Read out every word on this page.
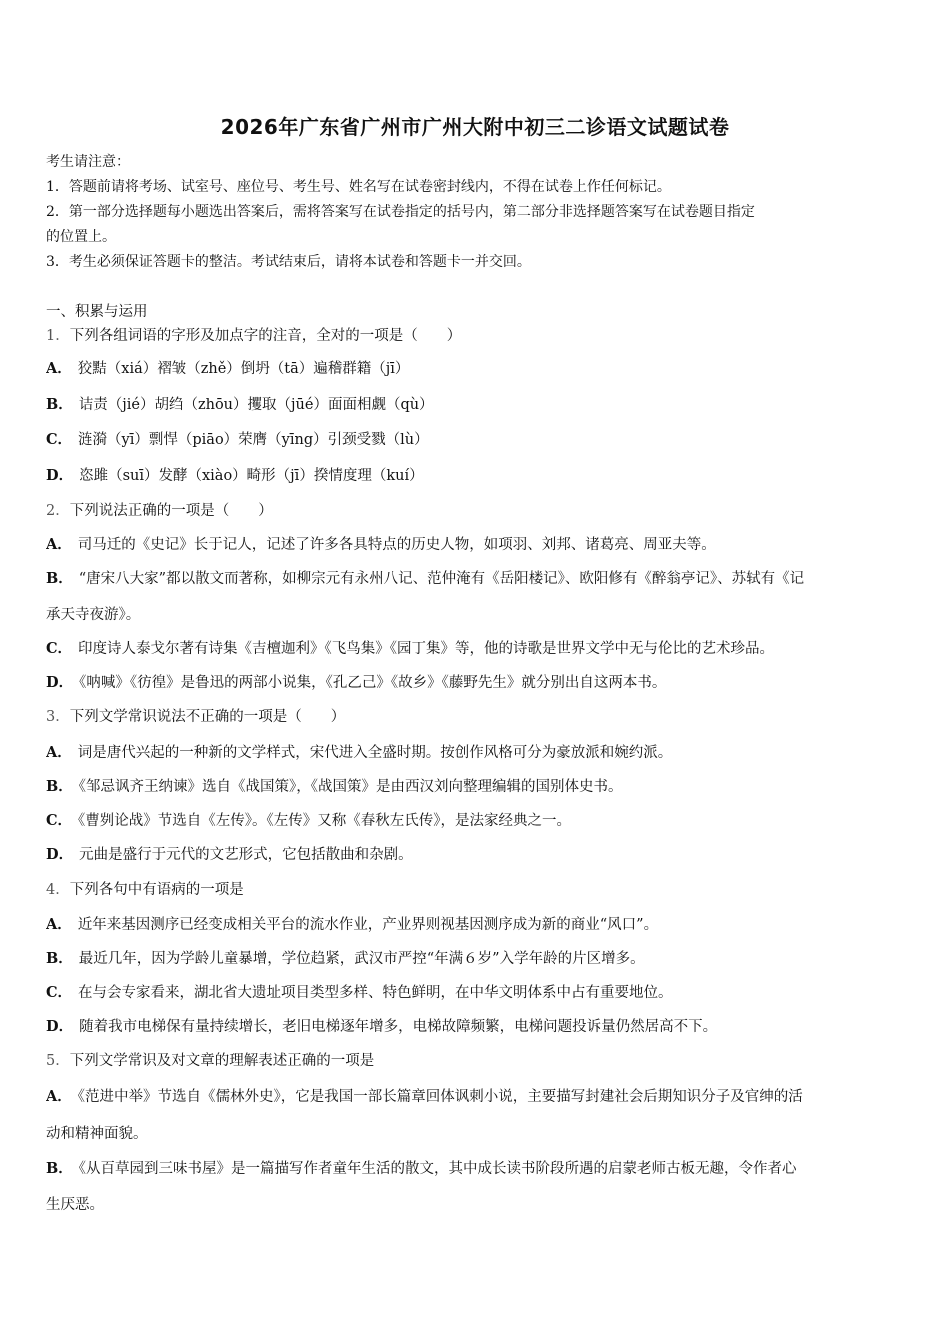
2026年广东省广州市广州大附中初三二诊语文试题试卷
考生请注意：
1．答题前请将考场、试室号、座位号、考生号、姓名写在试卷密封线内，不得在试卷上作任何标记。
2．第一部分选择题每小题选出答案后，需将答案写在试卷指定的括号内，第二部分非选择题答案写在试卷题目指定
的位置上。
3．考生必须保证答题卡的整洁。考试结束后，请将本试卷和答题卡一并交回。
一、积累与运用
1．下列各组词语的字形及加点字的注音，全对的一项是（　　）
A． 狡黠（xiá）褶皱（zhě）倒坍（tā）遍稽群籍（jī）
B． 诘责（jié）胡绉（zhōu）攫取（jūé）面面相觑（qù）
C． 涟漪（yī）剽悍（piāo）荣膺（yīng）引颈受戮（lù）
D． 恣雎（suī）发酵（xiào）畸形（jī）揆情度理（kuí）
2．下列说法正确的一项是（　　）
A． 司马迁的《史记》长于记人，记述了许多各具特点的历史人物，如项羽、刘邦、诸葛亮、周亚夫等。
B． “唐宋八大家”都以散文而著称，如柳宗元有永州八记、范仲淹有《岳阳楼记》、欧阳修有《醉翁亭记》、苏轼有《记
承天寺夜游》。
C． 印度诗人泰戈尔著有诗集《吉檀迦利》《飞鸟集》《园丁集》等，他的诗歌是世界文学中无与伦比的艺术珍品。
D． 《呐喊》《彷徨》是鲁迅的两部小说集，《孔乙己》《故乡》《藤野先生》就分别出自这两本书。
3．下列文学常识说法不正确的一项是（　　）
A． 词是唐代兴起的一种新的文学样式，宋代进入全盛时期。按创作风格可分为豪放派和婉约派。
B． 《邹忌讽齐王纳谏》选自《战国策》，《战国策》是由西汉刘向整理编辑的国别体史书。
C． 《曹刿论战》节选自《左传》。《左传》又称《春秋左氏传》，是法家经典之一。
D． 元曲是盛行于元代的文艺形式，它包括散曲和杂剧。
4．下列各句中有语病的一项是
A． 近年来基因测序已经变成相关平台的流水作业，产业界则视基因测序成为新的商业“风口”。
B． 最近几年，因为学龄儿童暴增，学位趋紧，武汉市严控“年满６岁”入学年龄的片区增多。
C． 在与会专家看来，湖北省大遗址项目类型多样、特色鲜明，在中华文明体系中占有重要地位。
D． 随着我市电梯保有量持续增长，老旧电梯逐年增多，电梯故障频繁，电梯问题投诉量仍然居高不下。
5．下列文学常识及对文章的理解表述正确的一项是
A． 《范进中举》节选自《儒林外史》，它是我国一部长篇章回体讽刺小说，主要描写封建社会后期知识分子及官绅的活
动和精神面貌。
B． 《从百草园到三味书屋》是一篇描写作者童年生活的散文，其中成长读书阶段所遇的启蒙老师古板无趣，令作者心
生厌恶。
